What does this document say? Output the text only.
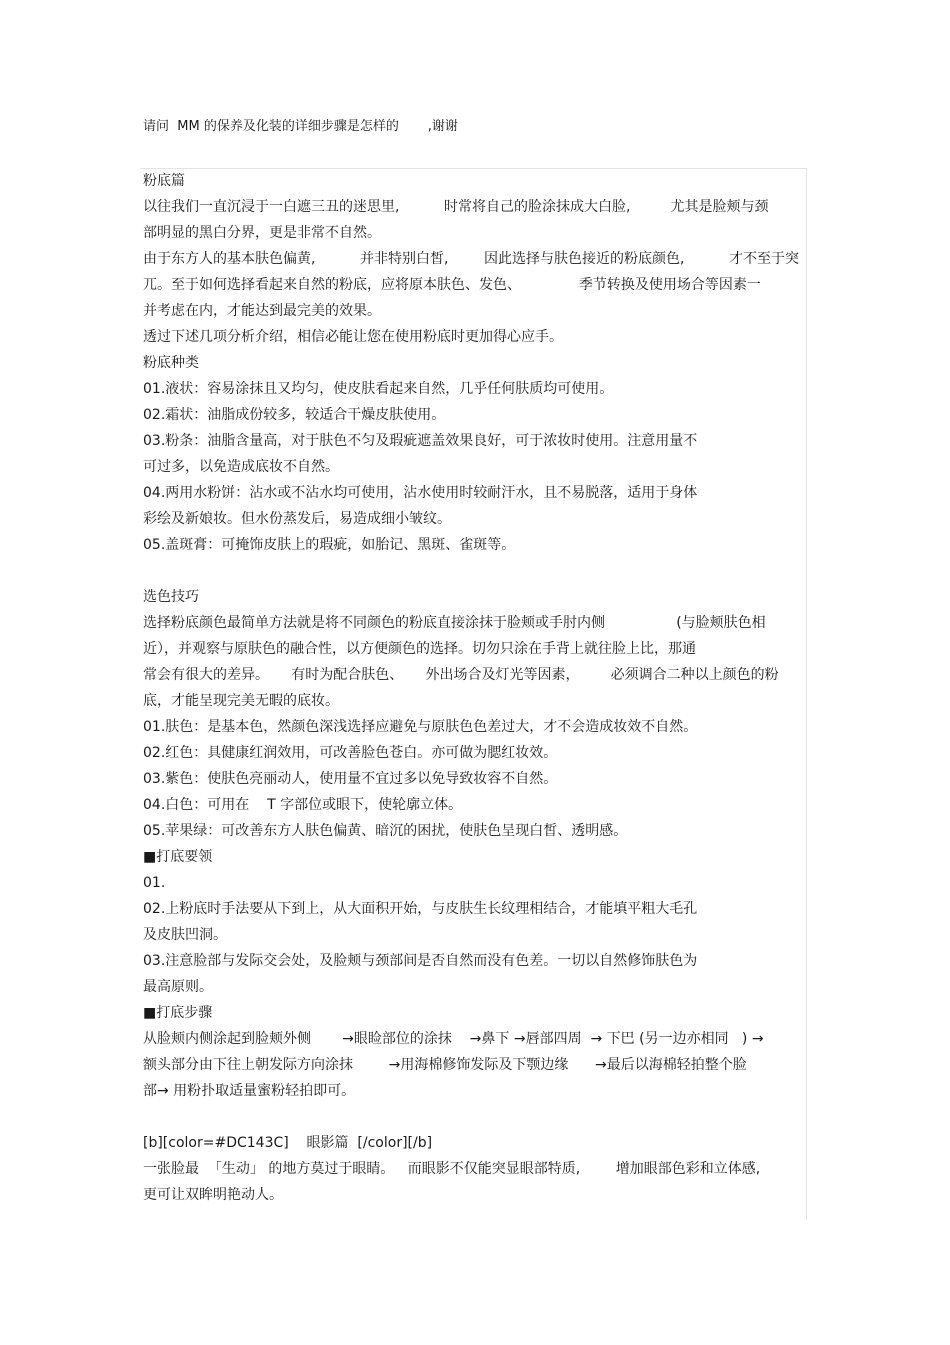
请问  MM 的保养及化装的详细步骤是怎样的       ,谢谢
粉底篇
以往我们一直沉浸于一白遮三丑的迷思里,          时常将自己的脸涂抹成大白脸,         尤其是脸颊与颈
部明显的黑白分界，更是非常不自然。
由于东方人的基本肤色偏黄,          并非特别白皙,        因此选择与肤色接近的粉底颜色,          才不至于突
兀。至于如何选择看起来自然的粉底，应将原本肤色、发色、             季节转换及使用场合等因素一
并考虑在内，才能达到最完美的效果。
透过下述几项分析介绍，相信必能让您在使用粉底时更加得心应手。
粉底种类
01.液状：容易涂抹且又均匀，使皮肤看起来自然，几乎任何肤质均可使用。
02.霜状：油脂成份较多，较适合干燥皮肤使用。
03.粉条：油脂含量高，对于肤色不匀及瑕疵遮盖效果良好，可于浓妆时使用。注意用量不
可过多，以免造成底妆不自然。
04.两用水粉饼：沾水或不沾水均可使用，沾水使用时较耐汗水，且不易脱落，适用于身体
彩绘及新娘妆。但水份蒸发后，易造成细小皱纹。
05.盖斑膏：可掩饰皮肤上的瑕疵，如胎记、黑斑、雀斑等。
选色技巧
选择粉底颜色最简单方法就是将不同颜色的粉底直接涂抹于脸颊或手肘内侧                (与脸颊肤色相
近），并观察与原肤色的融合性，以方便颜色的选择。切勿只涂在手背上就往脸上比，那通
常会有很大的差异。     有时为配合肤色、     外出场合及灯光等因素，       必须调合二种以上颜色的粉
底，才能呈现完美无暇的底妆。
01.肤色：是基本色，然颜色深浅选择应避免与原肤色色差过大，才不会造成妆效不自然。
02.红色：具健康红润效用，可改善脸色苍白。亦可做为腮红妆效。
03.紫色：使肤色亮丽动人，使用量不宜过多以免导致妆容不自然。
04.白色：可用在    T 字部位或眼下，使轮廓立体。
05.苹果绿：可改善东方人肤色偏黄、暗沉的困扰，使肤色呈现白皙、透明感。
■打底要领
01.
02.上粉底时手法要从下到上，从大面积开始，与皮肤生长纹理相结合，才能填平粗大毛孔
及皮肤凹洞。
03.注意脸部与发际交会处，及脸颊与颈部间是否自然而没有色差。一切以自然修饰肤色为
最高原则。
■打底步骤
从脸颊内侧涂起到脸颊外侧       →眼睑部位的涂抹    →鼻下 →唇部四周  → 下巴 (另一边亦相同   ) →
额头部分由下往上朝发际方向涂抹        →用海棉修饰发际及下颚边缘      →最后以海棉轻拍整个脸
部→ 用粉扑取适量蜜粉轻拍即可。
[b][color=#DC143C]    眼影篇  [/color][/b]
一张脸最  「生动」 的地方莫过于眼睛。   而眼影不仅能突显眼部特质,        增加眼部色彩和立体感,
更可让双眸明艳动人。
